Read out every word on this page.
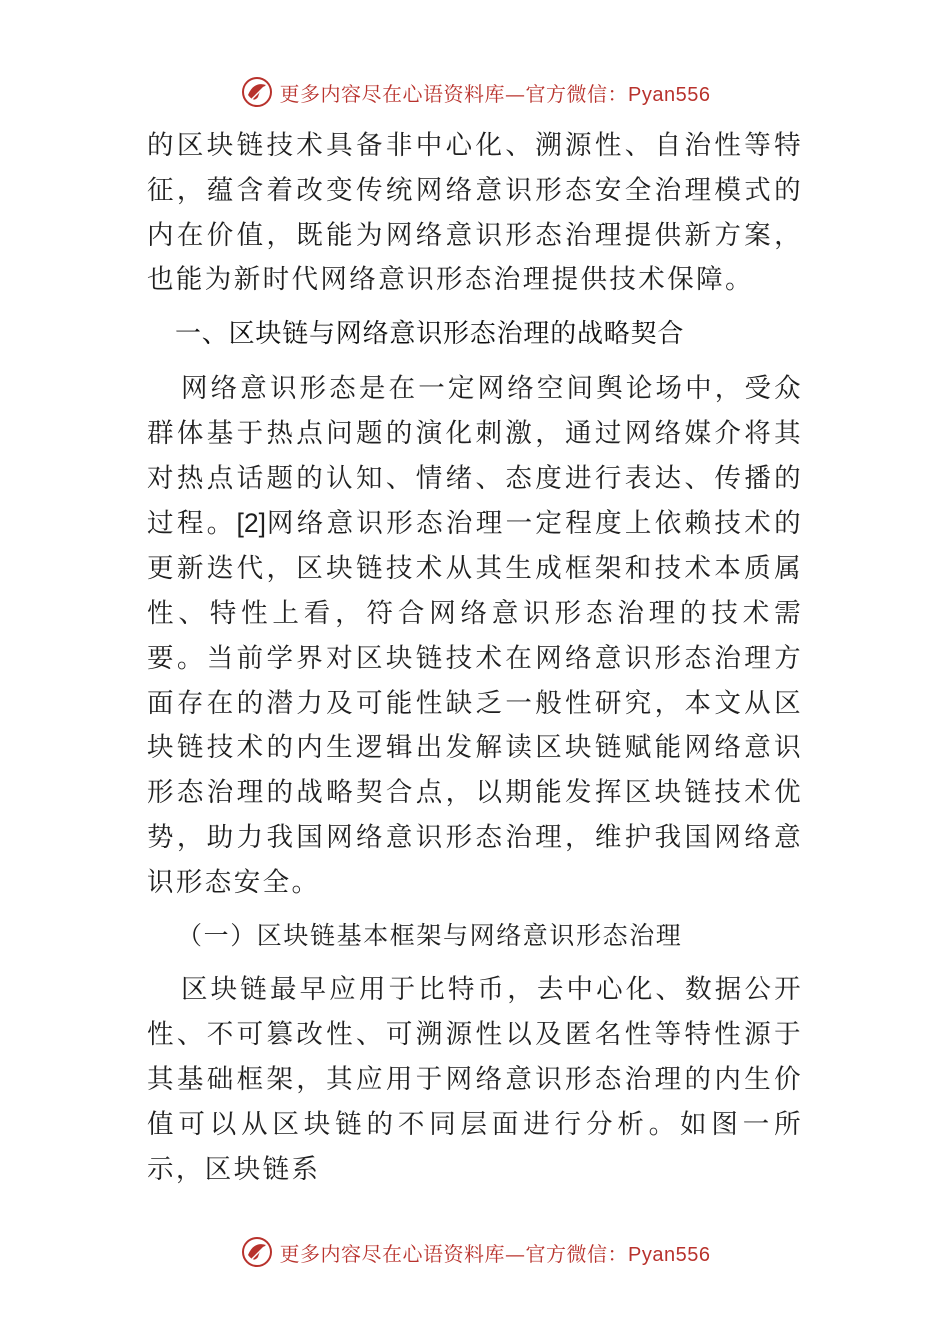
更多内容尽在心语资料库—官方微信：Pyan556

的区块链技术具备非中心化、溯源性、自治性等特征，蕴含着改变传统网络意识形态安全治理模式的内在价值，既能为网络意识形态治理提供新方案，也能为新时代网络意识形态治理提供技术保障。

一、区块链与网络意识形态治理的战略契合

网络意识形态是在一定网络空间舆论场中，受众群体基于热点问题的演化刺激，通过网络媒介将其对热点话题的认知、情绪、态度进行表达、传播的过程。[2]网络意识形态治理一定程度上依赖技术的更新迭代，区块链技术从其生成框架和技术本质属性、特性上看，符合网络意识形态治理的技术需要。当前学界对区块链技术在网络意识形态治理方面存在的潜力及可能性缺乏一般性研究，本文从区块链技术的内生逻辑出发解读区块链赋能网络意识形态治理的战略契合点，以期能发挥区块链技术优势，助力我国网络意识形态治理，维护我国网络意识形态安全。

（一）区块链基本框架与网络意识形态治理

区块链最早应用于比特币，去中心化、数据公开性、不可篡改性、可溯源性以及匿名性等特性源于其基础框架，其应用于网络意识形态治理的内生价值可以从区块链的不同层面进行分析。如图一所示，区块链系

更多内容尽在心语资料库—官方微信：Pyan556
